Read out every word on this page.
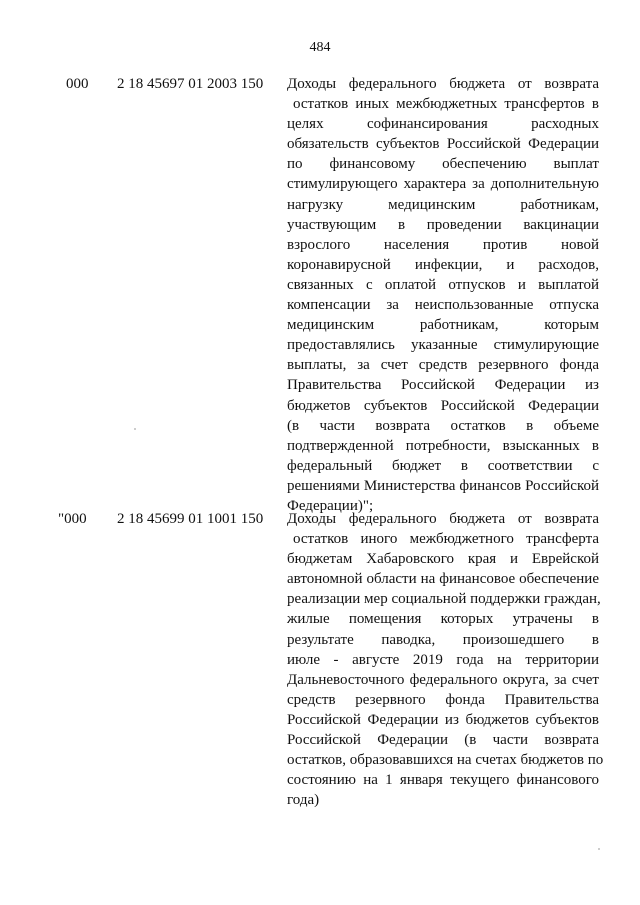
484
000 2 18 45697 01 2003 150 Доходы федерального бюджета от возврата
остатков иных межбюджетных трансфертов в
целях софинансирования расходных
обязательств субъектов Российской Федерации
по финансовому обеспечению выплат
стимулирующего характера за дополнительную
нагрузку медицинским работникам,
участвующим в проведении вакцинации
взрослого населения против новой
коронавирусной инфекции, и расходов,
связанных с оплатой отпусков и выплатой
компенсации за неиспользованные отпуска
медицинским работникам, которым
предоставлялись указанные стимулирующие
выплаты, за счет средств резервного фонда
Правительства Российской Федерации из
бюджетов субъектов Российской Федерации
(в части возврата остатков в объеме
подтвержденной потребности, взысканных в
федеральный бюджет в соответствии с
решениями Министерства финансов Российской
Федерации)";

"000 2 18 45699 01 1001 150 Доходы федерального бюджета от возврата
остатков иного межбюджетного трансферта
бюджетам Хабаровского края и Еврейской
автономной области на финансовое обеспечение
реализации мер социальной поддержки граждан,
жилые помещения которых утрачены в
результате паводка, произошедшего в
июле - августе 2019 года на территории
Дальневосточного федерального округа, за счет
средств резервного фонда Правительства
Российской Федерации из бюджетов субъектов
Российской Федерации (в части возврата
остатков, образовавшихся на счетах бюджетов по
состоянию на 1 января текущего финансового
года)
